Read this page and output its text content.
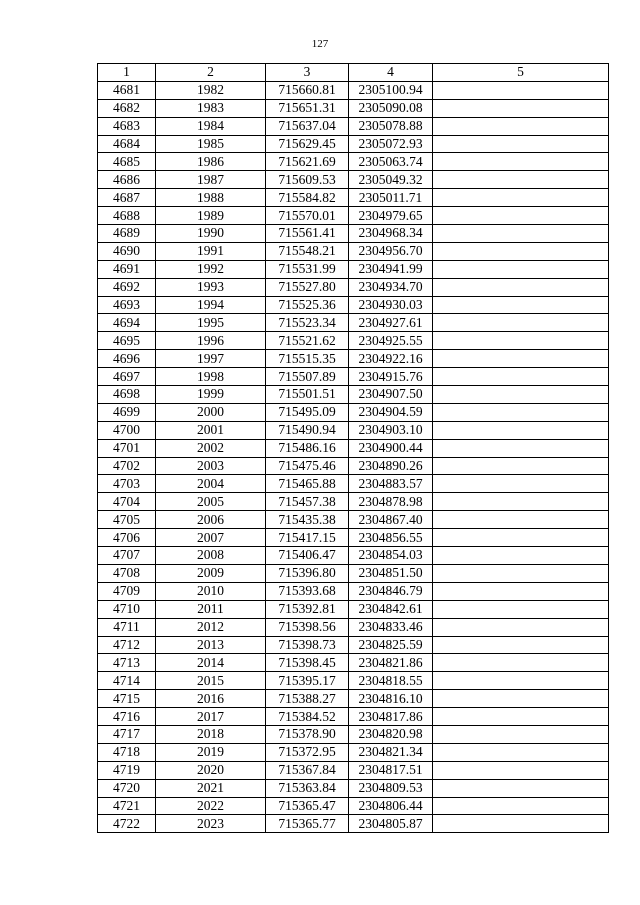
127
1	2	3	4	5
4681	1982	715660.81	2305100.94	
4682	1983	715651.31	2305090.08	
4683	1984	715637.04	2305078.88	
4684	1985	715629.45	2305072.93	
4685	1986	715621.69	2305063.74	
4686	1987	715609.53	2305049.32	
4687	1988	715584.82	2305011.71	
4688	1989	715570.01	2304979.65	
4689	1990	715561.41	2304968.34	
4690	1991	715548.21	2304956.70	
4691	1992	715531.99	2304941.99	
4692	1993	715527.80	2304934.70	
4693	1994	715525.36	2304930.03	
4694	1995	715523.34	2304927.61	
4695	1996	715521.62	2304925.55	
4696	1997	715515.35	2304922.16	
4697	1998	715507.89	2304915.76	
4698	1999	715501.51	2304907.50	
4699	2000	715495.09	2304904.59	
4700	2001	715490.94	2304903.10	
4701	2002	715486.16	2304900.44	
4702	2003	715475.46	2304890.26	
4703	2004	715465.88	2304883.57	
4704	2005	715457.38	2304878.98	
4705	2006	715435.38	2304867.40	
4706	2007	715417.15	2304856.55	
4707	2008	715406.47	2304854.03	
4708	2009	715396.80	2304851.50	
4709	2010	715393.68	2304846.79	
4710	2011	715392.81	2304842.61	
4711	2012	715398.56	2304833.46	
4712	2013	715398.73	2304825.59	
4713	2014	715398.45	2304821.86	
4714	2015	715395.17	2304818.55	
4715	2016	715388.27	2304816.10	
4716	2017	715384.52	2304817.86	
4717	2018	715378.90	2304820.98	
4718	2019	715372.95	2304821.34	
4719	2020	715367.84	2304817.51	
4720	2021	715363.84	2304809.53	
4721	2022	715365.47	2304806.44	
4722	2023	715365.77	2304805.87	
